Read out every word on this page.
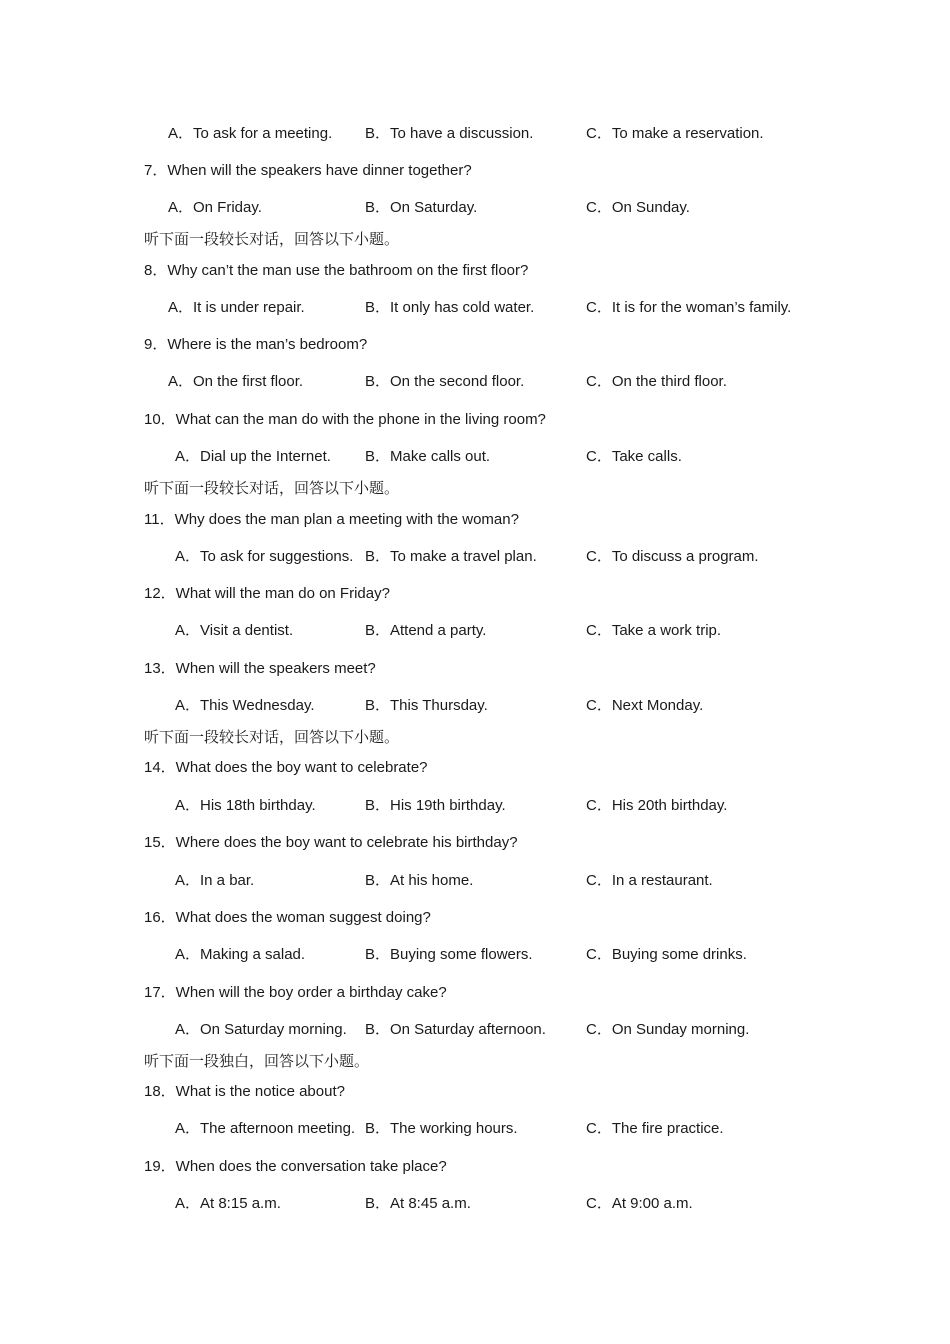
A．To ask for a meeting. B．To have a discussion.	C．To make a reservation.
7．When will the speakers have dinner together?
A．On Friday.	B．On Saturday.	C．On Sunday.
听下面一段较长对话，回答以下小题。
8．Why can’t the man use the bathroom on the first floor?
A．It is under repair.	B．It only has cold water.	C．It is for the woman’s family.
9．Where is the man’s bedroom?
A．On the first floor.	B．On the second floor.	C．On the third floor.
10．What can the man do with the phone in the living room?
A．Dial up the Internet. B．Make calls out.	C．Take calls.
听下面一段较长对话，回答以下小题。
11．Why does the man plan a meeting with the woman?
A．To ask for suggestions. B．To make a travel plan.	C．To discuss a program.
12．What will the man do on Friday?
A．Visit a dentist.	B．Attend a party.	C．Take a work trip.
13．When will the speakers meet?
A．This Wednesday.	B．This Thursday.	C．Next Monday.
听下面一段较长对话，回答以下小题。
14．What does the boy want to celebrate?
A．His 18th birthday.	B．His 19th birthday.	C．His 20th birthday.
15．Where does the boy want to celebrate his birthday?
A．In a bar.	B．At his home.	C．In a restaurant.
16．What does the woman suggest doing?
A．Making a salad.	B．Buying some flowers.	C．Buying some drinks.
17．When will the boy order a birthday cake?
A．On Saturday morning. B．On Saturday afternoon.	C．On Sunday morning.
听下面一段独白，回答以下小题。
18．What is the notice about?
A．The afternoon meeting. B．The working hours.	C．The fire practice.
19．When does the conversation take place?
A．At 8:15 a.m.	B．At 8:45 a.m.	C．At 9:00 a.m.
